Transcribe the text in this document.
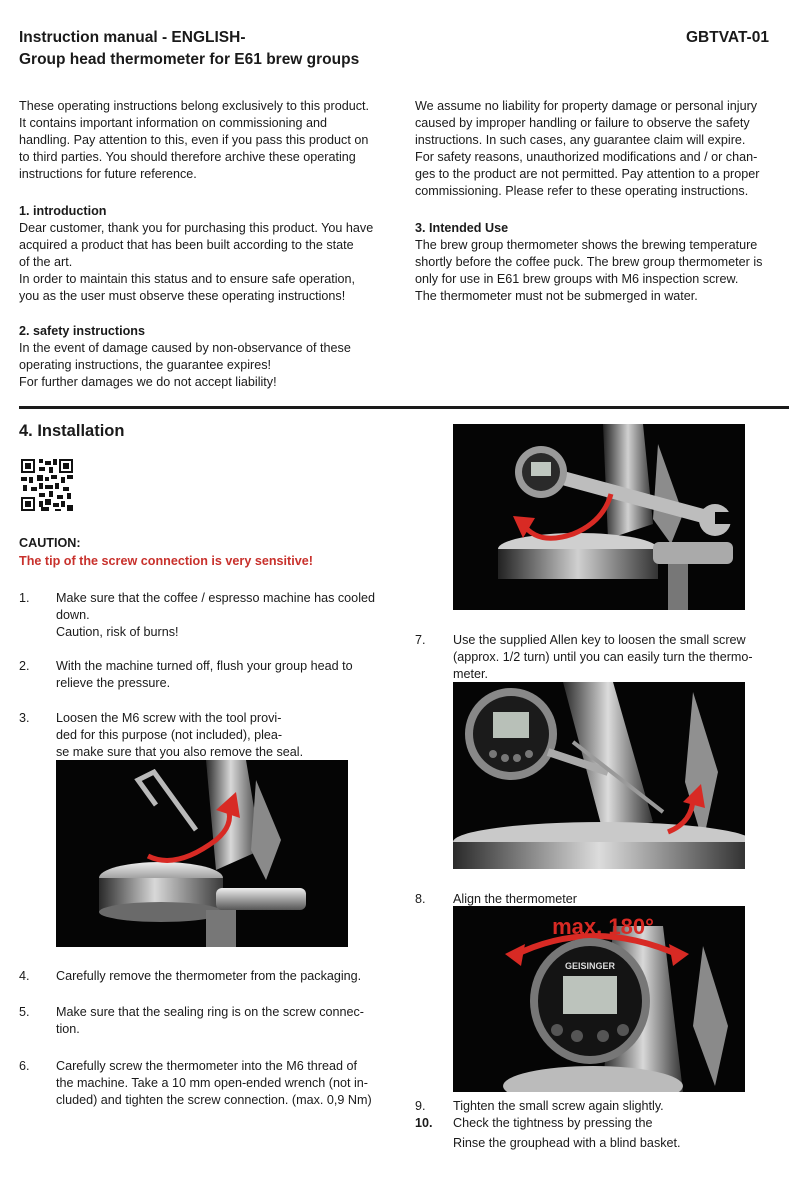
Instruction manual - ENGLISH-
Group head thermometer for E61 brew groups
GBTVAT-01
These operating instructions belong exclusively to this product.
It contains important information on commissioning and
handling. Pay attention to this, even if you pass this product on
to third parties. You should therefore archive these operating
instructions for future reference.
1. introduction
Dear customer, thank you for purchasing this product. You have
acquired a product that has been built according to the state
of the art.
In order to maintain this status and to ensure safe operation,
you as the user must observe these operating instructions!
2. safety instructions
In the event of damage caused by non-observance of these
operating instructions, the guarantee expires!
For further damages we do not accept liability!
We assume no liability for property damage or personal injury
caused by improper handling or failure to observe the safety
instructions. In such cases, any guarantee claim will expire.
For safety reasons, unauthorized modifications and / or chan-
ges to the product are not permitted. Pay attention to a proper
commissioning. Please refer to these operating instructions.
3. Intended Use
The brew group thermometer shows the brewing temperature
shortly before the coffee puck. The brew group thermometer is
only for use in E61 brew groups with M6 inspection screw.
The thermometer must not be submerged in water.
4. Installation
CAUTION:
The tip of the screw connection is very sensitive!
1. Make sure that the coffee / espresso machine has cooled
down.
Caution, risk of burns!
2. With the machine turned off, flush your group head to
relieve the pressure.
3. Loosen the M6 screw with the tool provi-
ded for this purpose (not included), plea-
se make sure that you also remove the seal.
4. Carefully remove the thermometer from the packaging.
5. Make sure that the sealing ring is on the screw connec-
tion.
6. Carefully screw the thermometer into the M6 thread of
the machine. Take a 10 mm open-ended wrench (not in-
cluded) and tighten the screw connection. (max. 0,9 Nm)
7. Use the supplied Allen key to loosen the small screw
(approx. 1/2 turn) until you can easily turn the thermo-
meter.
8. Align the thermometer
max. 180°
GEISINGER
9. Tighten the small screw again slightly.
10. Check the tightness by pressing the
Rinse the grouphead with a blind basket.
